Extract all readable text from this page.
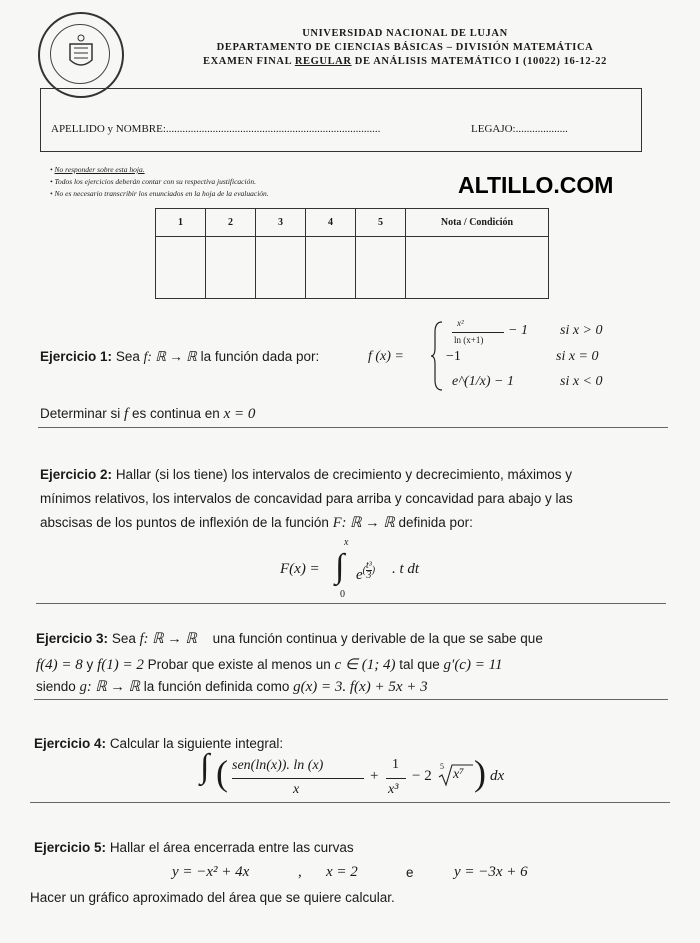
UNIVERSIDAD NACIONAL DE LUJAN
DEPARTAMENTO DE CIENCIAS BÁSICAS – DIVISIÓN MATEMÁTICA
EXAMEN FINAL REGULAR DE ANÁLISIS MATEMÁTICO I (10022) 16-12-22
APELLIDO y NOMBRE:..............................................................................	LEGAJO:...................
• No responder sobre esta hoja.
• Todos los ejercicios deberán contar con su respectiva justificación.
• No es necesario transcribir los enunciados en la hoja de la evaluación.	ALTILLO.COM
1	2	3	4	5	Nota / Condición

Ejercicio 1: Sea f: ℝ → ℝ la función dada por:	f (x) =
x²
ln (x+1)
− 1 si x > 0
−1	si x = 0
e^(1/x) − 1	si x < 0
Determinar si f es continua en x = 0
Ejercicio 2: Hallar (si los tiene) los intervalos de crecimiento y decrecimiento, máximos y
mínimos relativos, los intervalos de concavidad para arriba y concavidad para abajo y las
abscisas de los puntos de inflexión de la función F: ℝ → ℝ definida por:
F(x) =
x
∫
0
$e^{( \frac{\text{t³}}{3} )}$ . t dt
Ejercicio 3: Sea f: ℝ → ℝ una función continua y derivable de la que se sabe que
f(4) = 8 y f(1) = 2 Probar que existe al menos un c ∈ (1; 4) tal que g′(c) = 11
siendo g: ℝ → ℝ la función definida como g(x) = 3. f(x) + 5x + 3
Ejercicio 4: Calcular la siguiente integral:
∫ ( sen(ln(x)). ln (x)
x
+
1
x³
− 2
5
x⁷ ) dx
Ejercicio 5: Hallar el área encerrada entre las curvas
y = −x² + 4x	, x = 2	e	y = −3x + 6
Hacer un gráfico aproximado del área que se quiere calcular.
